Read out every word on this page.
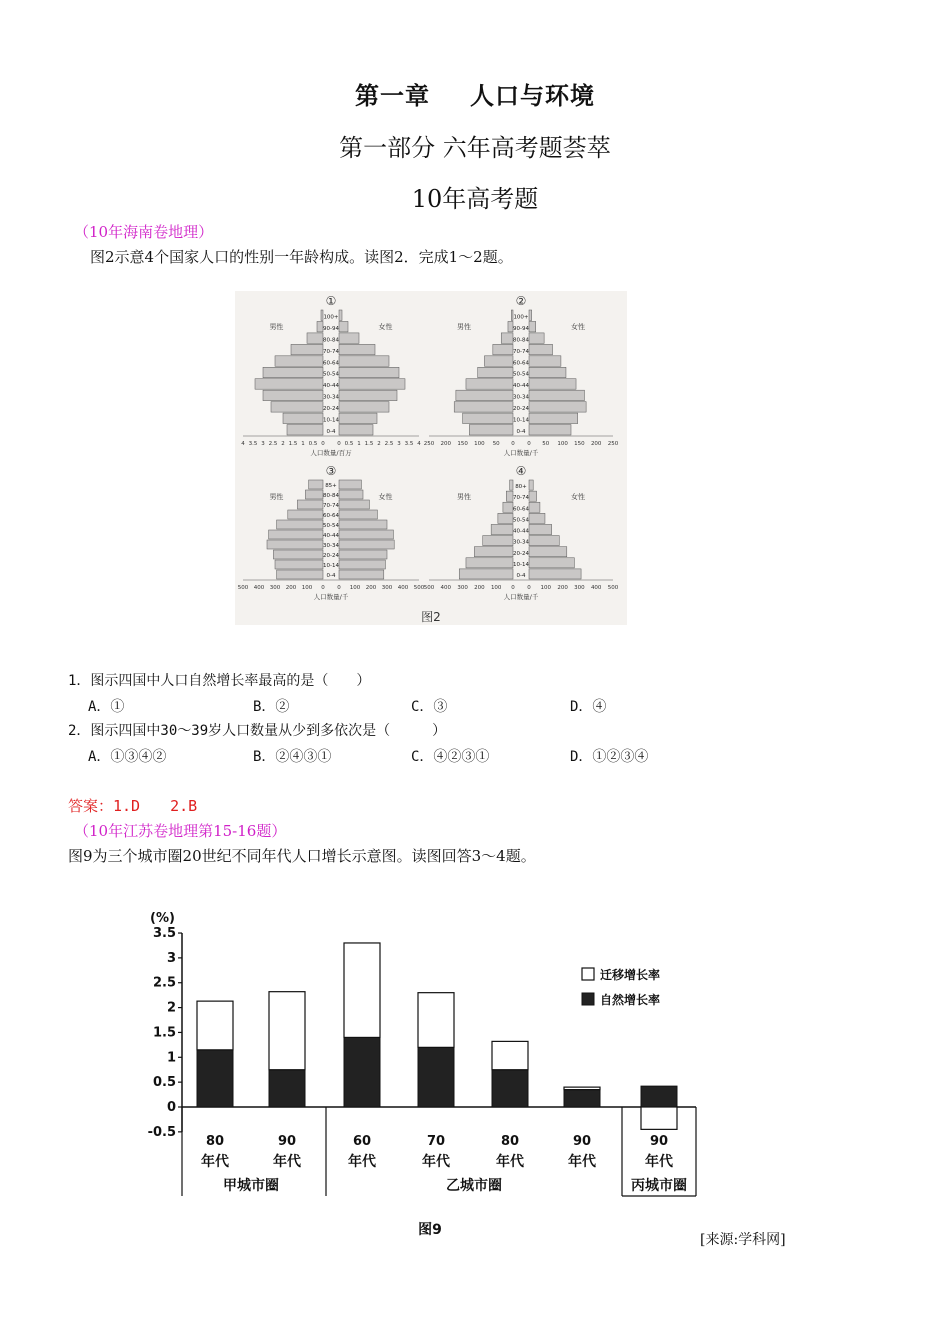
第一章 人口与环境
第一部分 六年高考题荟萃
10年高考题
（10年海南卷地理）
图2示意4个国家人口的性别一年龄构成。读图2．完成1～2题。
①
男性	女性
100+
90-94
80-84
70-74
60-64
50-54
40-44
30-34
20-24
10-14
0-4
4 3.5 3 2.5 2 1.5 1 0.5 0 0 0.5 1 1.5 2 2.5 3 3.5 4
人口数量/百万
②
男性	女性
100+
90-94
80-84
70-74
60-64
50-54
40-44
30-34
20-24
10-14
0-4
250 200 150 100 50 0 0 50 100 150 200 250
人口数量/千
③
男性	女性
85+
80-84
70-74
60-64
50-54
40-44
30-34
20-24
10-14
0-4
500 400 300 200 100 0 0 100 200 300 400 500
人口数量/千
④
男性	女性
80+
70-74
60-64
50-54
40-44
30-34
20-24
10-14
0-4
500 400 300 200 100 0 0 100 200 300 400 500
人口数量/千
图2
1．图示四国中人口自然增长率最高的是（　　）
A．①	B．②	C．③	D．④
2．图示四国中30～39岁人口数量从少到多依次是（　　　）
A．①③④②	B．②④③①	C．④②③①	D．①②③④
答案：1.D　　2.B
（10年江苏卷地理第15-16题）
图9为三个城市圈20世纪不同年代人口增长示意图。读图回答3～4题。
(%)
3.5
3
2.5
2
1.5
1
0.5
0
-0.5
80
年代
90
年代
60
年代
70
年代
80
年代
90
年代
90
年代
甲城市圈	乙城市圈	丙城市圈
迁移增长率
自然增长率
图9
[来源:学科网]
